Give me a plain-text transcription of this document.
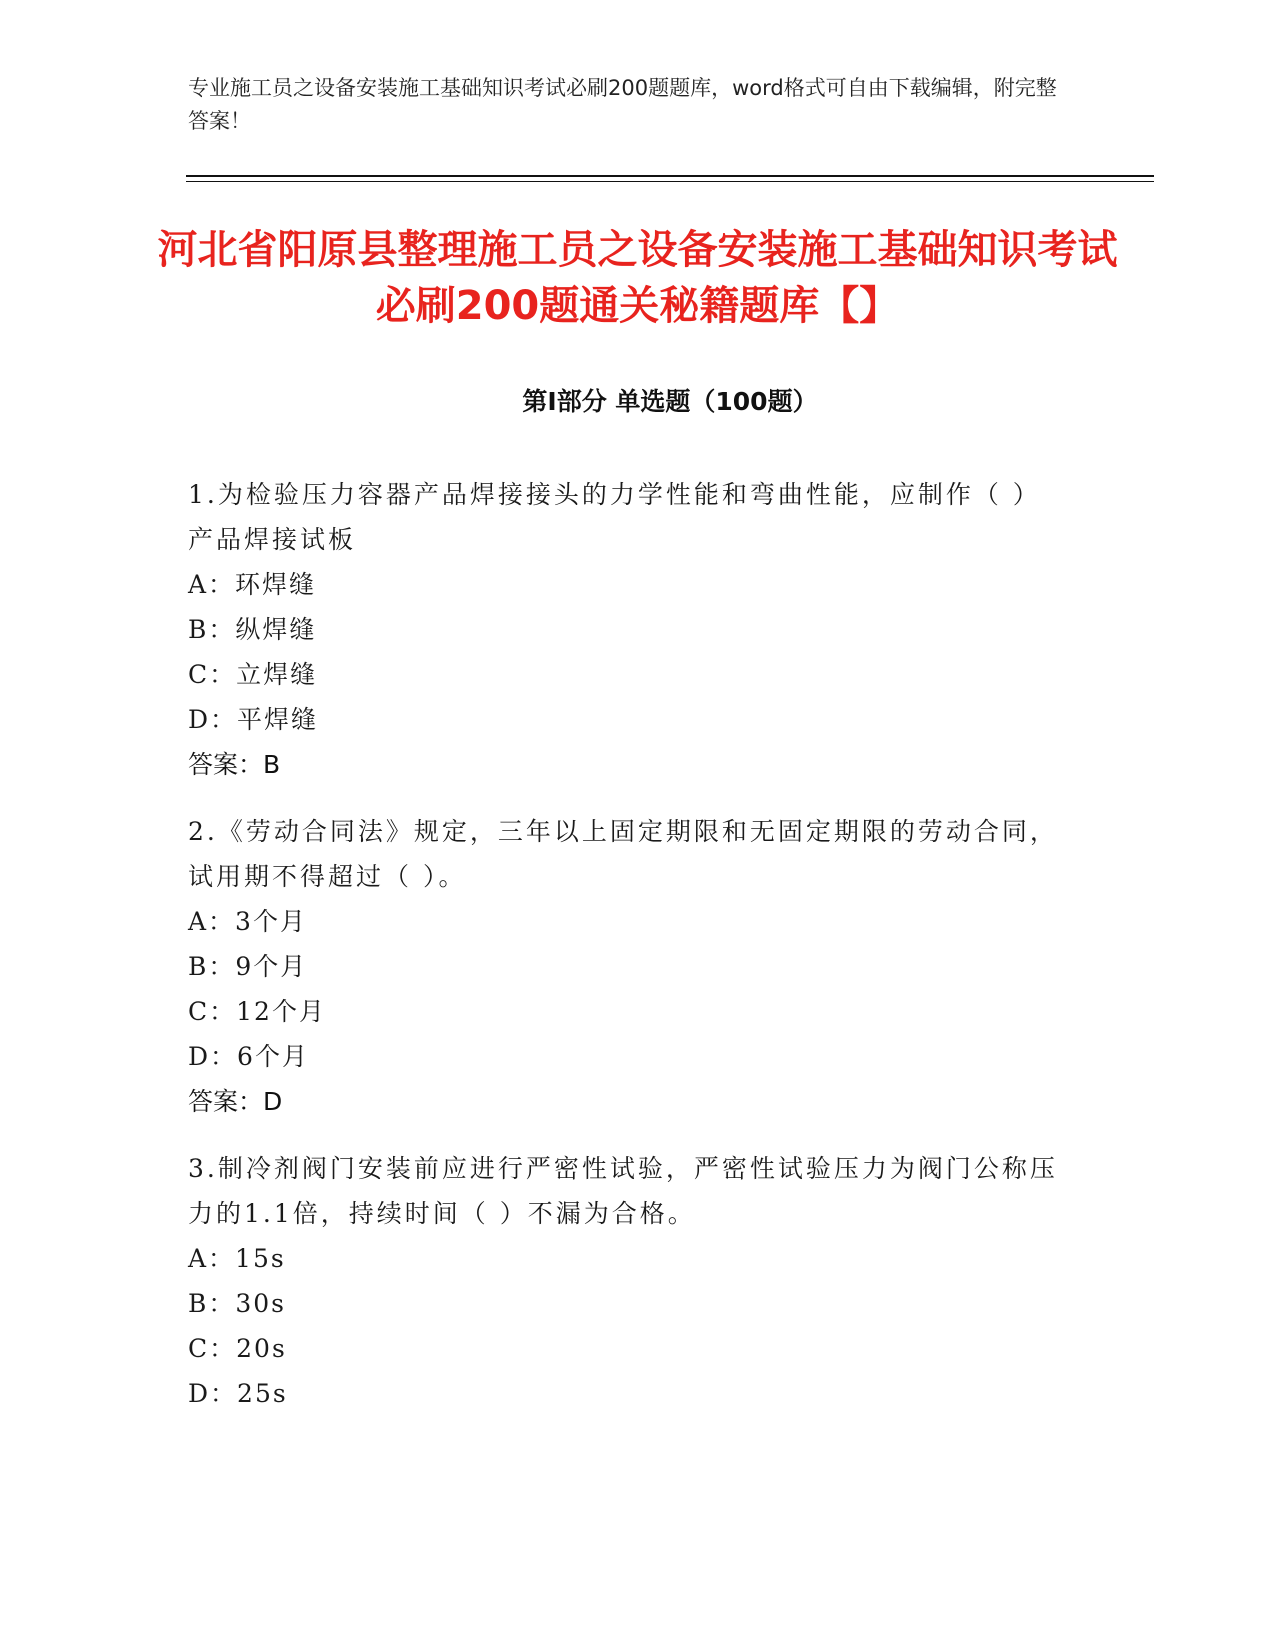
专业施工员之设备安装施工基础知识考试必刷200题题库，word格式可自由下载编辑，附完整答案！

河北省阳原县整理施工员之设备安装施工基础知识考试必刷200题通关秘籍题库【】
第Ⅰ部分 单选题（100题）

1.为检验压力容器产品焊接接头的力学性能和弯曲性能，应制作（ ）产品焊接试板

A：环焊缝

B：纵焊缝

C：立焊缝

D：平焊缝

答案：B

2.《劳动合同法》规定，三年以上固定期限和无固定期限的劳动合同，试用期不得超过（ ）。

A：3个月

B：9个月

C：12个月

D：6个月

答案：D

3.制冷剂阀门安装前应进行严密性试验，严密性试验压力为阀门公称压力的1.1倍，持续时间（ ）不漏为合格。

A：15s

B：30s

C：20s

D：25s
